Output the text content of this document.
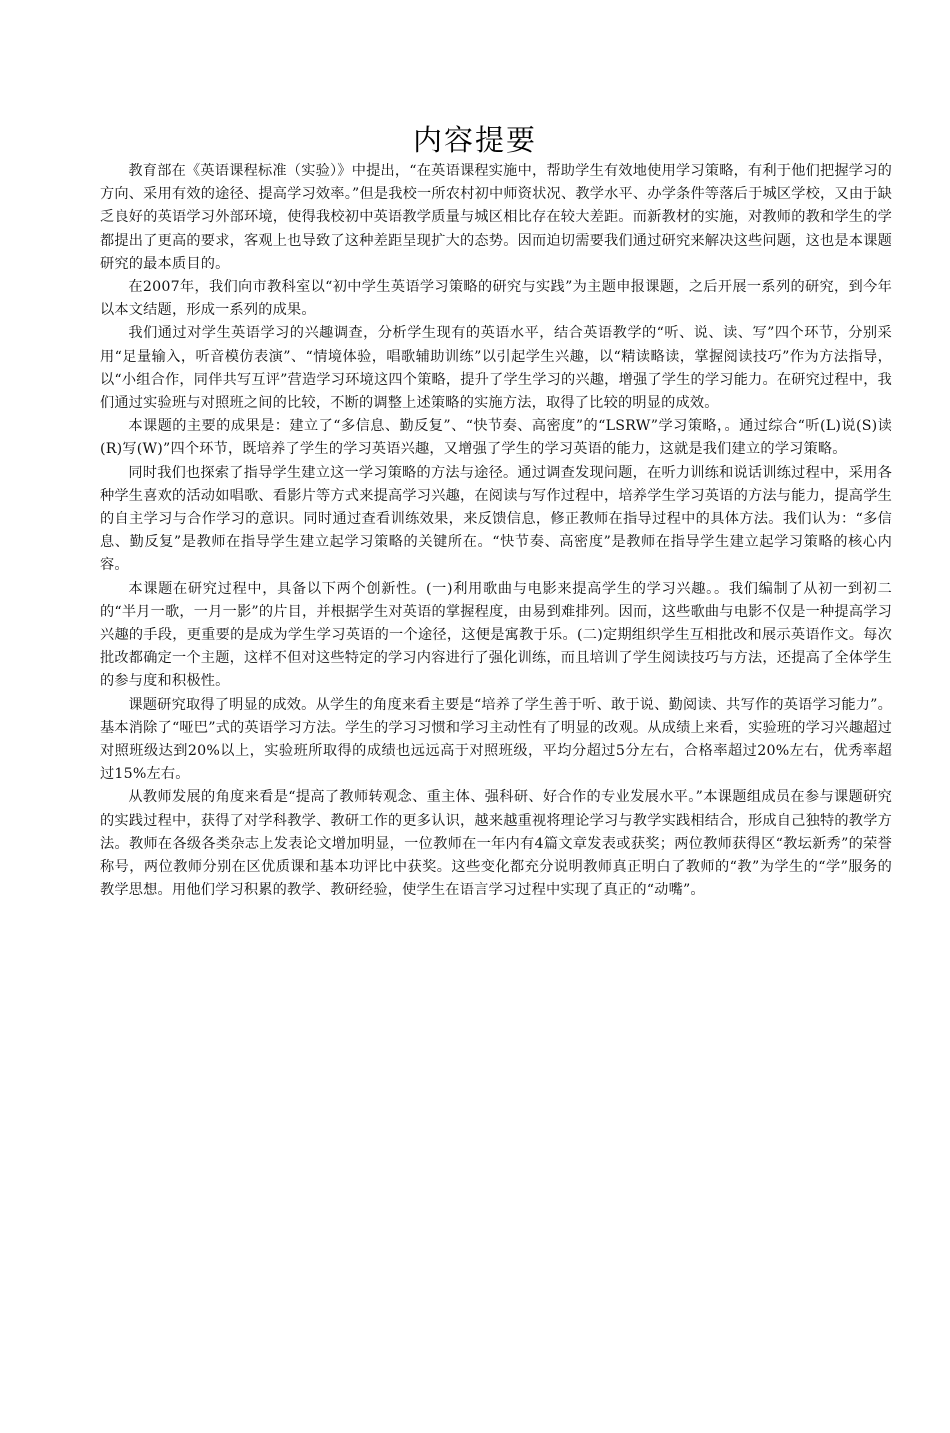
内容提要

教育部在《英语课程标准（实验）》中提出，“在英语课程实施中，帮助学生有效地使用学习策略，有利于他们把握学习的方向、采用有效的途径、提高学习效率。”但是我校一所农村初中师资状况、教学水平、办学条件等落后于城区学校，又由于缺乏良好的英语学习外部环境，使得我校初中英语教学质量与城区相比存在较大差距。而新教材的实施，对教师的教和学生的学都提出了更高的要求，客观上也导致了这种差距呈现扩大的态势。因而迫切需要我们通过研究来解决这些问题，这也是本课题研究的最本质目的。

在2007年，我们向市教科室以“初中学生英语学习策略的研究与实践”为主题申报课题，之后开展一系列的研究，到今年以本文结题，形成一系列的成果。

我们通过对学生英语学习的兴趣调查，分析学生现有的英语水平，结合英语教学的“听、说、读、写”四个环节，分别采用“足量输入，听音模仿表演”、“情境体验，唱歌辅助训练”以引起学生兴趣，以“精读略读，掌握阅读技巧”作为方法指导，以“小组合作，同伴共写互评”营造学习环境这四个策略，提升了学生学习的兴趣，增强了学生的学习能力。在研究过程中，我们通过实验班与对照班之间的比较，不断的调整上述策略的实施方法，取得了比较的明显的成效。

本课题的主要的成果是：建立了“多信息、勤反复”、“快节奏、高密度”的“LSRW”学习策略，。通过综合“听(L)说(S)读(R)写(W)”四个环节，既培养了学生的学习英语兴趣，又增强了学生的学习英语的能力，这就是我们建立的学习策略。

同时我们也探索了指导学生建立这一学习策略的方法与途径。通过调查发现问题，在听力训练和说话训练过程中，采用各种学生喜欢的活动如唱歌、看影片等方式来提高学习兴趣，在阅读与写作过程中，培养学生学习英语的方法与能力，提高学生的自主学习与合作学习的意识。同时通过查看训练效果，来反馈信息，修正教师在指导过程中的具体方法。我们认为：“多信息、勤反复”是教师在指导学生建立起学习策略的关键所在。“快节奏、高密度”是教师在指导学生建立起学习策略的核心内容。

本课题在研究过程中，具备以下两个创新性。(一)利用歌曲与电影来提高学生的学习兴趣。。我们编制了从初一到初二的“半月一歌，一月一影”的片目，并根据学生对英语的掌握程度，由易到难排列。因而，这些歌曲与电影不仅是一种提高学习兴趣的手段，更重要的是成为学生学习英语的一个途径，这便是寓教于乐。(二)定期组织学生互相批改和展示英语作文。每次批改都确定一个主题，这样不但对这些特定的学习内容进行了强化训练，而且培训了学生阅读技巧与方法，还提高了全体学生的参与度和积极性。

课题研究取得了明显的成效。从学生的角度来看主要是“培养了学生善于听、敢于说、勤阅读、共写作的英语学习能力”。基本消除了“哑巴”式的英语学习方法。学生的学习习惯和学习主动性有了明显的改观。从成绩上来看，实验班的学习兴趣超过对照班级达到20%以上，实验班所取得的成绩也远远高于对照班级，平均分超过5分左右，合格率超过20%左右，优秀率超过15%左右。

从教师发展的角度来看是“提高了教师转观念、重主体、强科研、好合作的专业发展水平。”本课题组成员在参与课题研究的实践过程中，获得了对学科教学、教研工作的更多认识，越来越重视将理论学习与教学实践相结合，形成自己独特的教学方法。教师在各级各类杂志上发表论文增加明显，一位教师在一年内有4篇文章发表或获奖；两位教师获得区“教坛新秀”的荣誉称号，两位教师分别在区优质课和基本功评比中获奖。这些变化都充分说明教师真正明白了教师的“教”为学生的“学”服务的教学思想。用他们学习积累的教学、教研经验，使学生在语言学习过程中实现了真正的“动嘴”。
